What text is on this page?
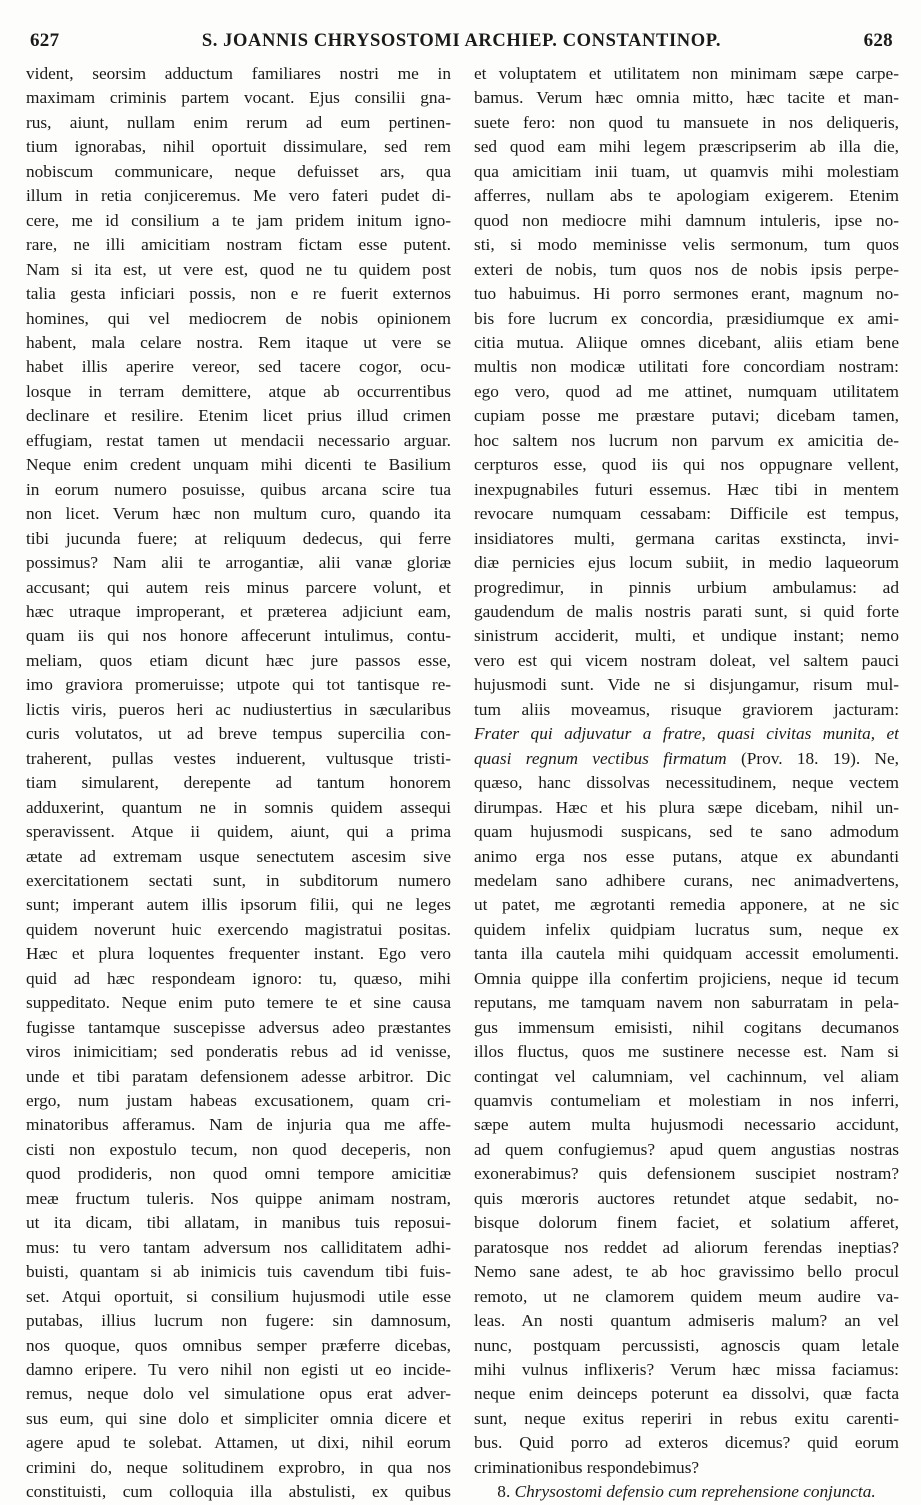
627	S. JOANNIS CHRYSOSTOMI ARCHIEP. CONSTANTINOP.	628
vident, seorsim adductum familiares nostri me in
maximam criminis partem vocant. Ejus consilii gna-
rus, aiunt, nullam enim rerum ad eum pertinen-
tium ignorabas, nihil oportuit dissimulare, sed rem
nobiscum communicare, neque defuisset ars, qua
illum in retia conjiceremus. Me vero fateri pudet di-
cere, me id consilium a te jam pridem initum igno-
rare, ne illi amicitiam nostram fictam esse putent.
Nam si ita est, ut vere est, quod ne tu quidem post
talia gesta inficiari possis, non e re fuerit externos
homines, qui vel mediocrem de nobis opinionem
habent, mala celare nostra. Rem itaque ut vere se
habet illis aperire vereor, sed tacere cogor, ocu-
losque in terram demittere, atque ab occurrentibus
declinare et resilire. Etenim licet prius illud crimen
effugiam, restat tamen ut mendacii necessario arguar.
Neque enim credent unquam mihi dicenti te Basilium
in eorum numero posuisse, quibus arcana scire tua
non licet. Verum hæc non multum curo, quando ita
tibi jucunda fuere; at reliquum dedecus, qui ferre
possimus? Nam alii te arrogantiæ, alii vanæ gloriæ
accusant; qui autem reis minus parcere volunt, et
hæc utraque improperant, et præterea adjiciunt eam,
quam iis qui nos honore affecerunt intulimus, contu-
meliam, quos etiam dicunt hæc jure passos esse,
imo graviora promeruisse; utpote qui tot tantisque re-
lictis viris, pueros heri ac nudiustertius in sæcularibus
curis volutatos, ut ad breve tempus supercilia con-
traherent, pullas vestes induerent, vultusque tristi-
tiam simularent, derepente ad tantum honorem
adduxerint, quantum ne in somnis quidem assequi
speravissent. Atque ii quidem, aiunt, qui a prima
ætate ad extremam usque senectutem ascesim sive
exercitationem sectati sunt, in subditorum numero
sunt; imperant autem illis ipsorum filii, qui ne leges
quidem noverunt huic exercendo magistratui positas.
Hæc et plura loquentes frequenter instant. Ego vero
quid ad hæc respondeam ignoro: tu, quæso, mihi
suppeditato. Neque enim puto temere te et sine causa
fugisse tantamque suscepisse adversus adeo præstantes
viros inimicitiam; sed ponderatis rebus ad id venisse,
unde et tibi paratam defensionem adesse arbitror. Dic
ergo, num justam habeas excusationem, quam cri-
minatoribus afferamus. Nam de injuria qua me affe-
cisti non expostulo tecum, non quod deceperis, non
quod prodideris, non quod omni tempore amicitiæ
meæ fructum tuleris. Nos quippe animam nostram,
ut ita dicam, tibi allatam, in manibus tuis reposui-
mus: tu vero tantam adversum nos calliditatem adhi-
buisti, quantam si ab inimicis tuis cavendum tibi fuis-
set. Atqui oportuit, si consilium hujusmodi utile esse
putabas, illius lucrum non fugere: sin damnosum,
nos quoque, quos omnibus semper præferre dicebas,
damno eripere. Tu vero nihil non egisti ut eo incide-
remus, neque dolo vel simulatione opus erat adver-
sus eum, qui sine dolo et simpliciter omnia dicere et
agere apud te solebat. Attamen, ut dixi, nihil eorum
crimini do, neque solitudinem exprobro, in qua nos
constituisti, cum colloquia illa abstulisti, ex quibus
et voluptatem et utilitatem non minimam sæpe carpe-
bamus. Verum hæc omnia mitto, hæc tacite et man-
suete fero: non quod tu mansuete in nos deliqueris,
sed quod eam mihi legem præscripserim ab illa die,
qua amicitiam inii tuam, ut quamvis mihi molestiam
afferres, nullam abs te apologiam exigerem. Etenim
quod non mediocre mihi damnum intuleris, ipse no-
sti, si modo meminisse velis sermonum, tum quos
exteri de nobis, tum quos nos de nobis ipsis perpe-
tuo habuimus. Hi porro sermones erant, magnum no-
bis fore lucrum ex concordia, præsidiumque ex ami-
citia mutua. Aliique omnes dicebant, aliis etiam bene
multis non modicæ utilitati fore concordiam nostram:
ego vero, quod ad me attinet, numquam utilitatem
cupiam posse me præstare putavi; dicebam tamen,
hoc saltem nos lucrum non parvum ex amicitia de-
cerpturos esse, quod iis qui nos oppugnare vellent,
inexpugnabiles futuri essemus. Hæc tibi in mentem
revocare numquam cessabam: Difficile est tempus,
insidiatores multi, germana caritas exstincta, invi-
diæ pernicies ejus locum subiit, in medio laqueorum
progredimur, in pinnis urbium ambulamus: ad
gaudendum de malis nostris parati sunt, si quid forte
sinistrum acciderit, multi, et undique instant; nemo
vero est qui vicem nostram doleat, vel saltem pauci
hujusmodi sunt. Vide ne si disjungamur, risum mul-
tum aliis moveamus, risuque graviorem jacturam:
Frater qui adjuvatur a fratre, quasi civitas munita, et
quasi regnum vectibus firmatum (Prov. 18. 19). Ne,
quæso, hanc dissolvas necessitudinem, neque vectem
dirumpas. Hæc et his plura sæpe dicebam, nihil un-
quam hujusmodi suspicans, sed te sano admodum
animo erga nos esse putans, atque ex abundanti
medelam sano adhibere curans, nec animadvertens,
ut patet, me ægrotanti remedia apponere, at ne sic
quidem infelix quidpiam lucratus sum, neque ex
tanta illa cautela mihi quidquam accessit emolumenti.
Omnia quippe illa confertim projiciens, neque id tecum
reputans, me tamquam navem non saburratam in pela-
gus immensum emisisti, nihil cogitans decumanos
illos fluctus, quos me sustinere necesse est. Nam si
contingat vel calumniam, vel cachinnum, vel aliam
quamvis contumeliam et molestiam in nos inferri,
sæpe autem multa hujusmodi necessario accidunt,
ad quem confugiemus? apud quem angustias nostras
exonerabimus? quis defensionem suscipiet nostram?
quis mœroris auctores retundet atque sedabit, no-
bisque dolorum finem faciet, et solatium afferet,
paratosque nos reddet ad aliorum ferendas ineptias?
Nemo sane adest, te ab hoc gravissimo bello procul
remoto, ut ne clamorem quidem meum audire va-
leas. An nosti quantum admiseris malum? an vel
nunc, postquam percussisti, agnoscis quam letale
mihi vulnus inflixeris? Verum hæc missa faciamus:
neque enim deinceps poterunt ea dissolvi, quæ facta
sunt, neque exitus reperiri in rebus exitu carenti-
bus. Quid porro ad exteros dicemus? quid eorum
criminationibus respondebimus?
8. Chrysostomi defensio cum reprehensione conjuncta.
